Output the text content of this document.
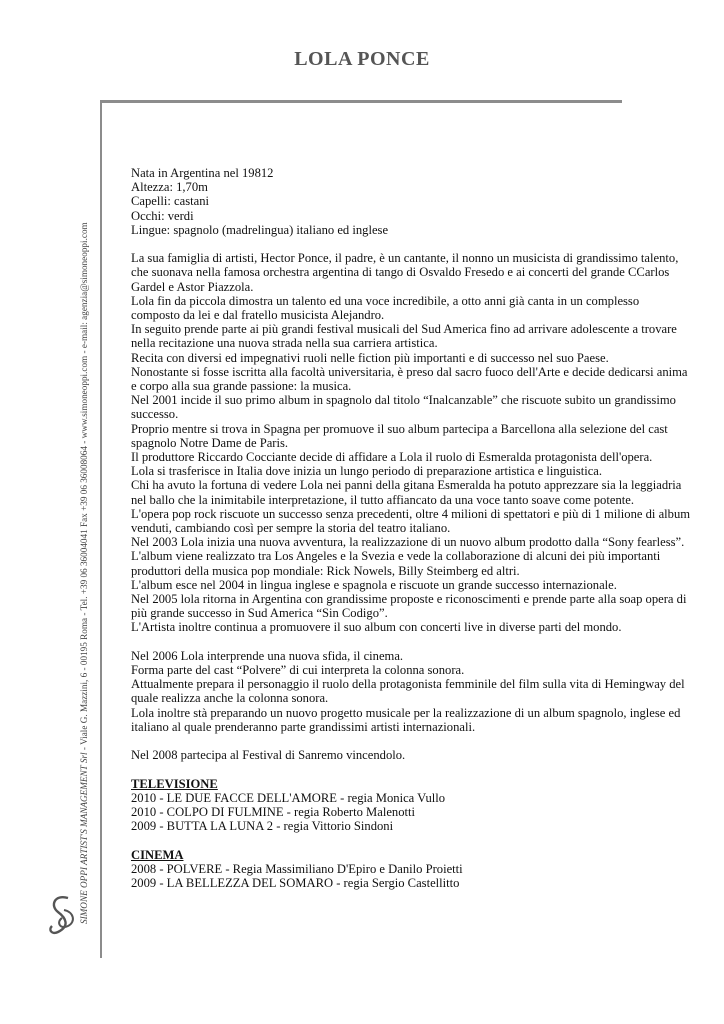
LOLA PONCE
SIMONE OPPI ARTIST'S MANAGEMENT Srl - Viale G. Mazzini, 6 - 00195 Roma - Tel. +39 06 36004041 Fax +39 06 36008064 - www.simoneoppi.com - e-mail: agenzia@simoneoppi.com

Nata in Argentina nel 19812

Altezza: 1,70m

Capelli: castani

Occhi: verdi

Lingue: spagnolo (madrelingua) italiano ed inglese

La sua famiglia di artisti, Hector Ponce, il padre, è un cantante, il nonno un musicista di grandissimo talento, che suonava nella famosa orchestra argentina di tango di Osvaldo Fresedo e ai concerti del grande CCarlos Gardel e Astor Piazzola.

Lola fin da piccola dimostra un talento ed una voce incredibile, a otto anni già canta in un complesso composto da lei e dal fratello musicista Alejandro.

In seguito prende parte ai più grandi festival musicali del Sud America fino ad arrivare adolescente a trovare nella recitazione una nuova strada nella sua carriera artistica.

Recita con diversi ed impegnativi ruoli nelle fiction più importanti e di successo nel suo Paese.

Nonostante si fosse iscritta alla facoltà universitaria, è preso dal sacro fuoco dell'Arte e decide dedicarsi anima e corpo alla sua grande passione: la musica.

Nel 2001 incide il suo primo album in spagnolo dal titolo “Inalcanzable” che riscuote subito un grandissimo successo.

Proprio mentre si trova in Spagna per promuove il suo album partecipa a Barcellona alla selezione del cast spagnolo Notre Dame de Paris.

Il produttore Riccardo Cocciante decide di affidare a Lola il ruolo di Esmeralda protagonista dell'opera.

Lola si trasferisce in Italia dove inizia un lungo periodo di preparazione artistica e linguistica.

Chi ha avuto la fortuna di vedere Lola nei panni della gitana Esmeralda ha potuto apprezzare sia la leggiadria nel ballo che la inimitabile interpretazione, il tutto affiancato da una voce tanto soave come potente.

L'opera pop rock riscuote un successo senza precedenti, oltre 4 milioni di spettatori e più di 1 milione di album venduti, cambiando così per sempre la storia del teatro italiano.

Nel 2003 Lola inizia una nuova avventura, la realizzazione di un nuovo album prodotto dalla “Sony fearless”.

L'album viene realizzato tra Los Angeles e la Svezia e vede la collaborazione di alcuni dei più importanti produttori della musica pop mondiale: Rick Nowels, Billy Steimberg ed altri.

L'album esce nel 2004 in lingua inglese e spagnola e riscuote un grande successo internazionale.

Nel 2005 lola ritorna in Argentina con grandissime proposte e riconoscimenti e prende parte alla soap opera di più grande successo in Sud America “Sin Codigo”.

L'Artista inoltre continua a promuovere il suo album con concerti live in diverse parti del mondo.

Nel 2006 Lola interprende una nuova sfida, il cinema.

Forma parte del cast “Polvere” di cui interpreta la colonna sonora.

Attualmente prepara il personaggio il ruolo della protagonista femminile del film sulla vita di Hemingway del quale realizza anche la colonna sonora.

Lola inoltre stà preparando un nuovo progetto musicale per la realizzazione di un album spagnolo, inglese ed italiano al quale prenderanno parte grandissimi artisti internazionali.

Nel 2008 partecipa al Festival di Sanremo vincendolo.

TELEVISIONE

2010 - LE DUE FACCE DELL'AMORE - regia Monica Vullo

2010 - COLPO DI FULMINE - regia Roberto Malenotti

2009 - BUTTA LA LUNA 2 - regia Vittorio Sindoni

CINEMA

2008 - POLVERE - Regia Massimiliano D'Epiro e Danilo Proietti

2009 - LA BELLEZZA DEL SOMARO - regia Sergio Castellitto
